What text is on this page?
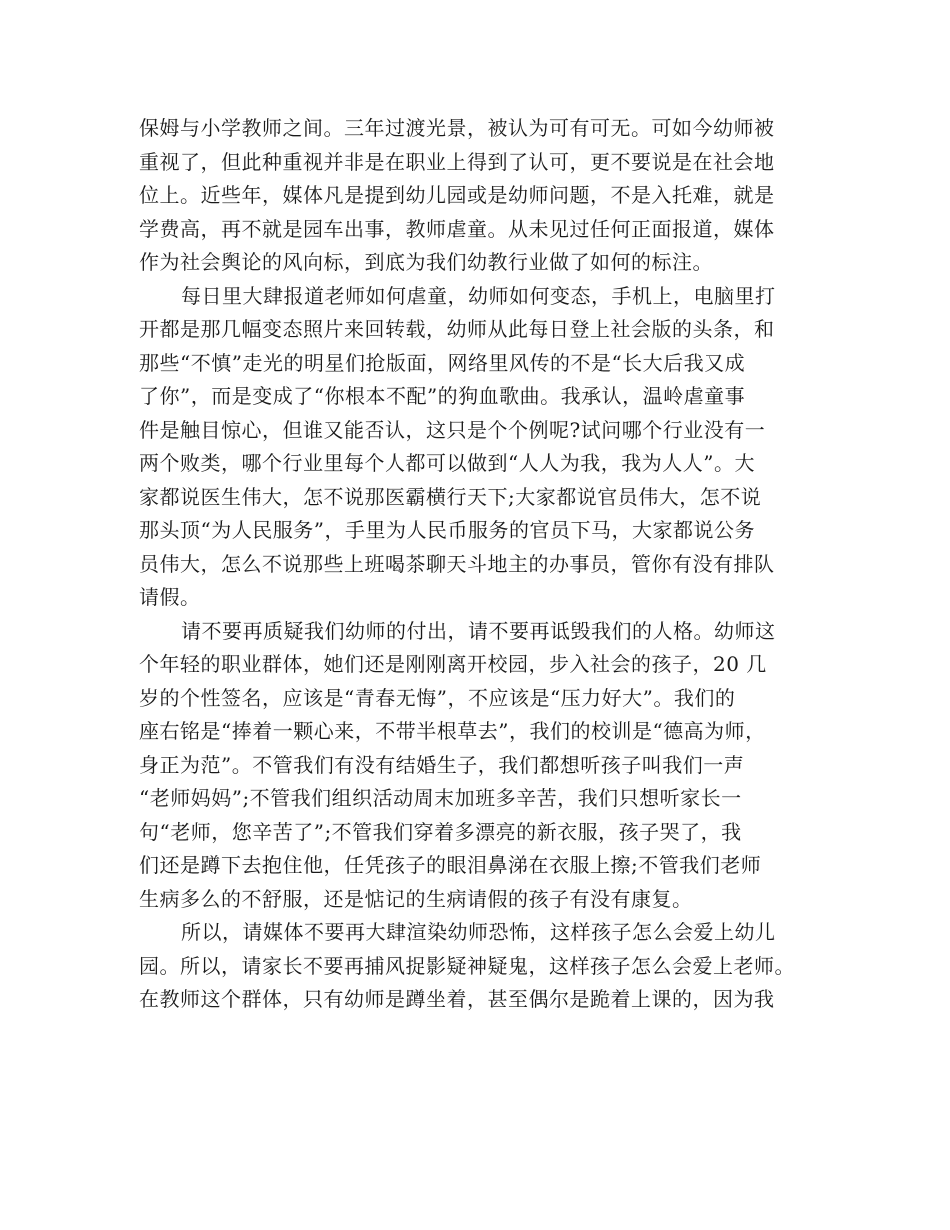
保姆与小学教师之间。三年过渡光景，被认为可有可无。可如今幼师被
重视了，但此种重视并非是在职业上得到了认可，更不要说是在社会地
位上。近些年，媒体凡是提到幼儿园或是幼师问题，不是入托难，就是
学费高，再不就是园车出事，教师虐童。从未见过任何正面报道，媒体
作为社会舆论的风向标，到底为我们幼教行业做了如何的标注。
每日里大肆报道老师如何虐童，幼师如何变态，手机上，电脑里打
开都是那几幅变态照片来回转载，幼师从此每日登上社会版的头条，和
那些“不慎”走光的明星们抢版面，网络里风传的不是“长大后我又成
了你”，而是变成了“你根本不配”的狗血歌曲。我承认，温岭虐童事
件是触目惊心，但谁又能否认，这只是个个例呢?试问哪个行业没有一
两个败类，哪个行业里每个人都可以做到“人人为我，我为人人”。大
家都说医生伟大，怎不说那医霸横行天下;大家都说官员伟大，怎不说
那头顶“为人民服务”，手里为人民币服务的官员下马，大家都说公务
员伟大，怎么不说那些上班喝茶聊天斗地主的办事员，管你有没有排队
请假。
请不要再质疑我们幼师的付出，请不要再诋毁我们的人格。幼师这
个年轻的职业群体，她们还是刚刚离开校园，步入社会的孩子，20 几
岁的个性签名，应该是“青春无悔”，不应该是“压力好大”。我们的
座右铭是“捧着一颗心来，不带半根草去”，我们的校训是“德高为师，
身正为范”。不管我们有没有结婚生子，我们都想听孩子叫我们一声
“老师妈妈”;不管我们组织活动周末加班多辛苦，我们只想听家长一
句“老师，您辛苦了”;不管我们穿着多漂亮的新衣服，孩子哭了，我
们还是蹲下去抱住他，任凭孩子的眼泪鼻涕在衣服上擦;不管我们老师
生病多么的不舒服，还是惦记的生病请假的孩子有没有康复。
所以，请媒体不要再大肆渲染幼师恐怖，这样孩子怎么会爱上幼儿
园。所以，请家长不要再捕风捉影疑神疑鬼，这样孩子怎么会爱上老师。
在教师这个群体，只有幼师是蹲坐着，甚至偶尔是跪着上课的，因为我
